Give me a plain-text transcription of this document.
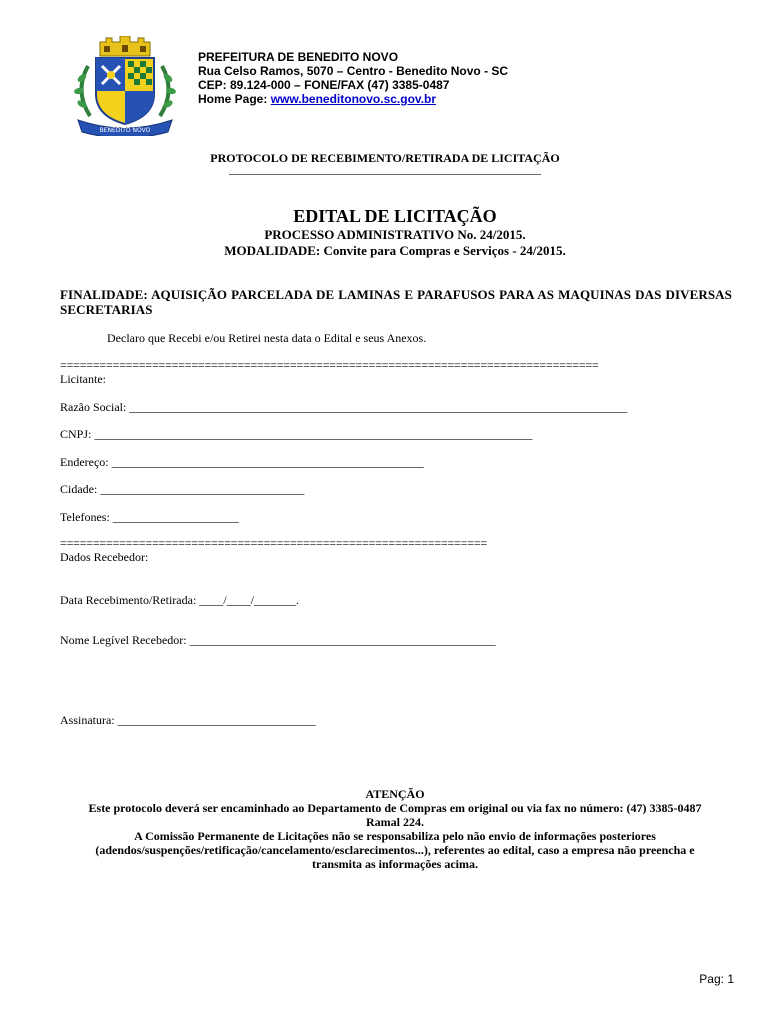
BENEDITO NOVO
PREFEITURA DE BENEDITO NOVO
Rua Celso Ramos, 5070 – Centro - Benedito Novo - SC
CEP: 89.124-000 – FONE/FAX (47) 3385-0487
Home Page: www.beneditonovo.sc.gov.br
PROTOCOLO DE RECEBIMENTO/RETIRADA DE LICITAÇÃO
____________________________________________________
EDITAL DE LICITAÇÃO
PROCESSO ADMINISTRATIVO No. 24/2015.
MODALIDADE: Convite para Compras e Serviços - 24/2015.
FINALIDADE: AQUISIÇÃO PARCELADA DE LAMINAS E PARAFUSOS PARA AS MAQUINAS DAS DIVERSAS SECRETARIAS
Declaro que Recebi e/ou Retirei nesta data o Edital e seus Anexos.
==================================================================================
Licitante:
Razão Social: ___________________________________________________________________________________
CNPJ: _________________________________________________________________________
Endereço: ____________________________________________________
Cidade: __________________________________
Telefones: _____________________
=================================================================
Dados Recebedor:
Data Recebimento/Retirada: ____/____/_______.
Nome Legível Recebedor: ___________________________________________________
Assinatura: _________________________________
ATENÇÃO
Este protocolo deverá ser encaminhado ao Departamento de Compras em original ou via fax no número: (47) 3385-0487
Ramal 224.
A Comissão Permanente de Licitações não se responsabiliza pelo não envio de informações posteriores
(adendos/suspenções/retificação/cancelamento/esclarecimentos...), referentes ao edital, caso a empresa não preencha e
transmita as informações acima.
Pag: 1
